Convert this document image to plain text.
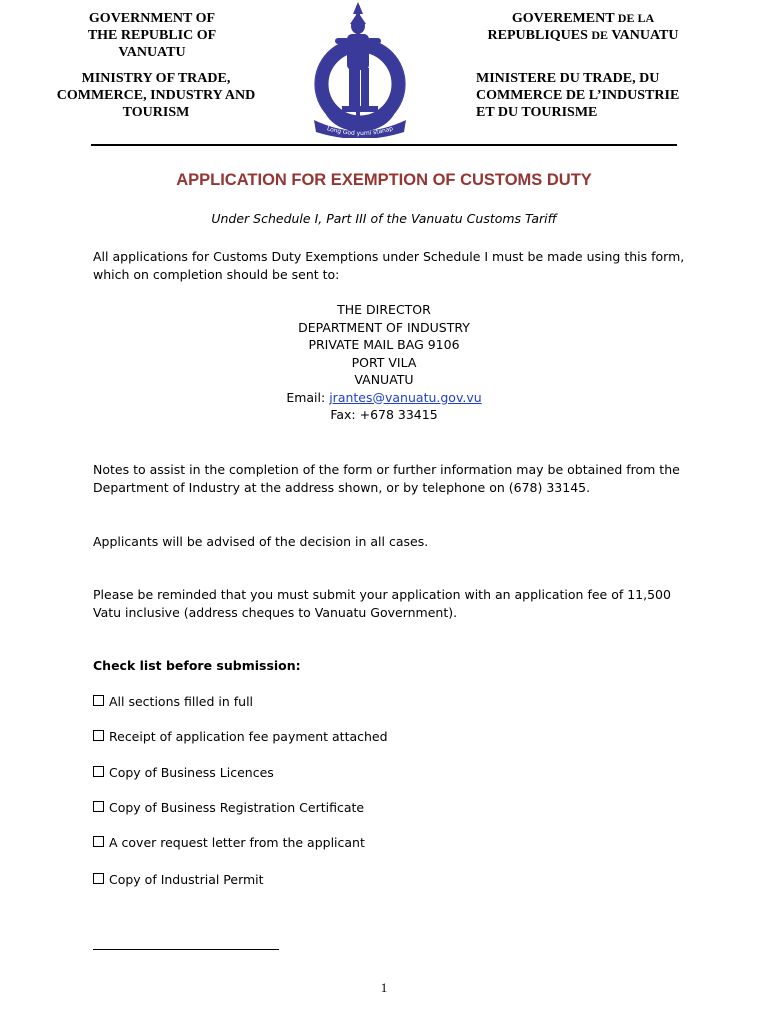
GOVERNMENT OF
THE REPUBLIC OF
VANUATU
MINISTRY OF TRADE,
COMMERCE, INDUSTRY AND
TOURISM
Long God yumi stanap
GOVEREMENT DE LA
REPUBLIQUES DE VANUATU
MINISTERE DU TRADE, DU
COMMERCE DE L’INDUSTRIE
ET DU TOURISME
APPLICATION FOR EXEMPTION OF CUSTOMS DUTY
Under Schedule I, Part III of the Vanuatu Customs Tariff
All applications for Customs Duty Exemptions under Schedule I must be made using this form, which on completion should be sent to:
THE DIRECTOR
DEPARTMENT OF INDUSTRY
PRIVATE MAIL BAG 9106
PORT VILA
VANUATU
Email: jrantes@vanuatu.gov.vu
Fax: +678 33415
Notes to assist in the completion of the form or further information may be obtained from the Department of Industry at the address shown, or by telephone on (678) 33145.
Applicants will be advised of the decision in all cases.
Please be reminded that you must submit your application with an application fee of 11,500 Vatu inclusive (address cheques to Vanuatu Government).
Check list before submission:
All sections filled in full
Receipt of application fee payment attached
Copy of Business Licences
Copy of Business Registration Certificate
A cover request letter from the applicant
Copy of Industrial Permit
1
